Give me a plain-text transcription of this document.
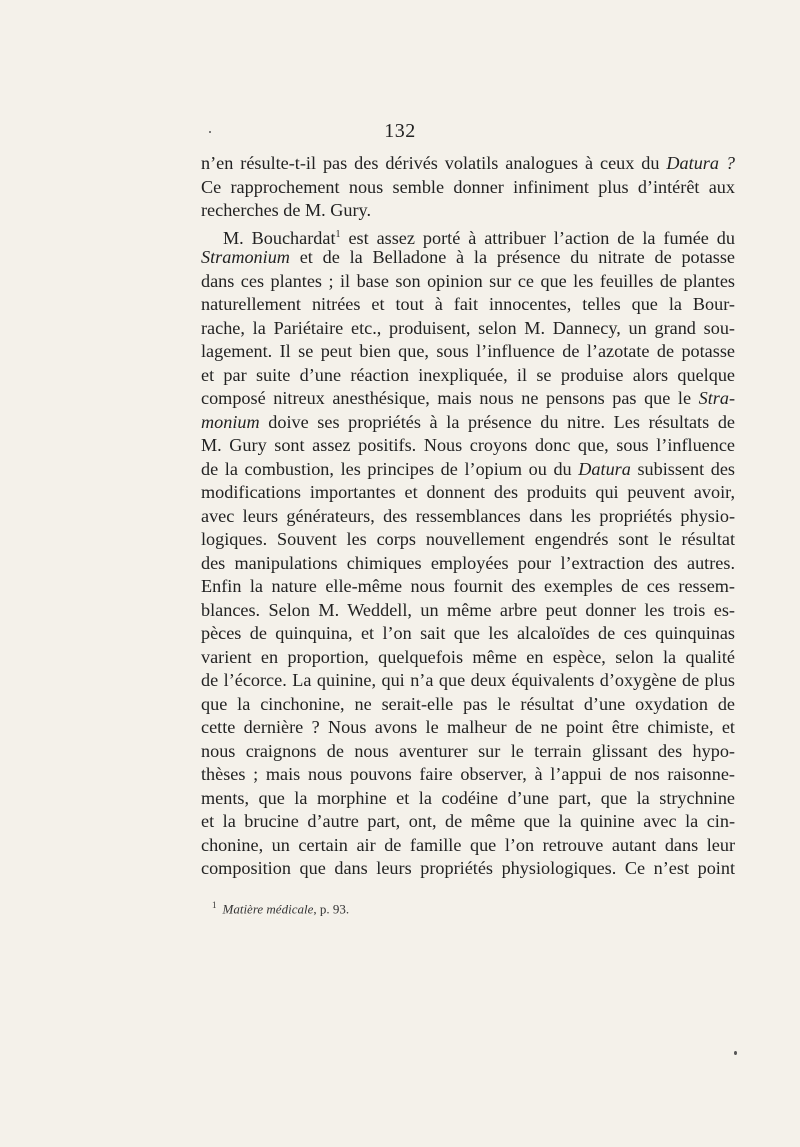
132
n’en résulte-t-il pas des dérivés volatils analogues à ceux du Datura ?
Ce rapprochement nous semble donner infiniment plus d’intérêt aux
recherches de M. Gury.
M. Bouchardat$^1$ est assez porté à attribuer l’action de la fumée du
Stramonium et de la Belladone à la présence du nitrate de potasse
dans ces plantes ; il base son opinion sur ce que les feuilles de plantes
naturellement nitrées et tout à fait innocentes, telles que la Bour-
rache, la Pariétaire etc., produisent, selon M. Dannecy, un grand sou-
lagement. Il se peut bien que, sous l’influence de l’azotate de potasse
et par suite d’une réaction inexpliquée, il se produise alors quelque
composé nitreux anesthésique, mais nous ne pensons pas que le Stra-
monium doive ses propriétés à la présence du nitre. Les résultats de
M. Gury sont assez positifs. Nous croyons donc que, sous l’influence
de la combustion, les principes de l’opium ou du Datura subissent des
modifications importantes et donnent des produits qui peuvent avoir,
avec leurs générateurs, des ressemblances dans les propriétés physio-
logiques. Souvent les corps nouvellement engendrés sont le résultat
des manipulations chimiques employées pour l’extraction des autres.
Enfin la nature elle-même nous fournit des exemples de ces ressem-
blances. Selon M. Weddell, un même arbre peut donner les trois es-
pèces de quinquina, et l’on sait que les alcaloïdes de ces quinquinas
varient en proportion, quelquefois même en espèce, selon la qualité
de l’écorce. La quinine, qui n’a que deux équivalents d’oxygène de plus
que la cinchonine, ne serait-elle pas le résultat d’une oxydation de
cette dernière ? Nous avons le malheur de ne point être chimiste, et
nous craignons de nous aventurer sur le terrain glissant des hypo-
thèses ; mais nous pouvons faire observer, à l’appui de nos raisonne-
ments, que la morphine et la codéine d’une part, que la strychnine
et la brucine d’autre part, ont, de même que la quinine avec la cin-
chonine, un certain air de famille que l’on retrouve autant dans leur
composition que dans leurs propriétés physiologiques. Ce n’est point
$^1$ Matière médicale, p. 93.
